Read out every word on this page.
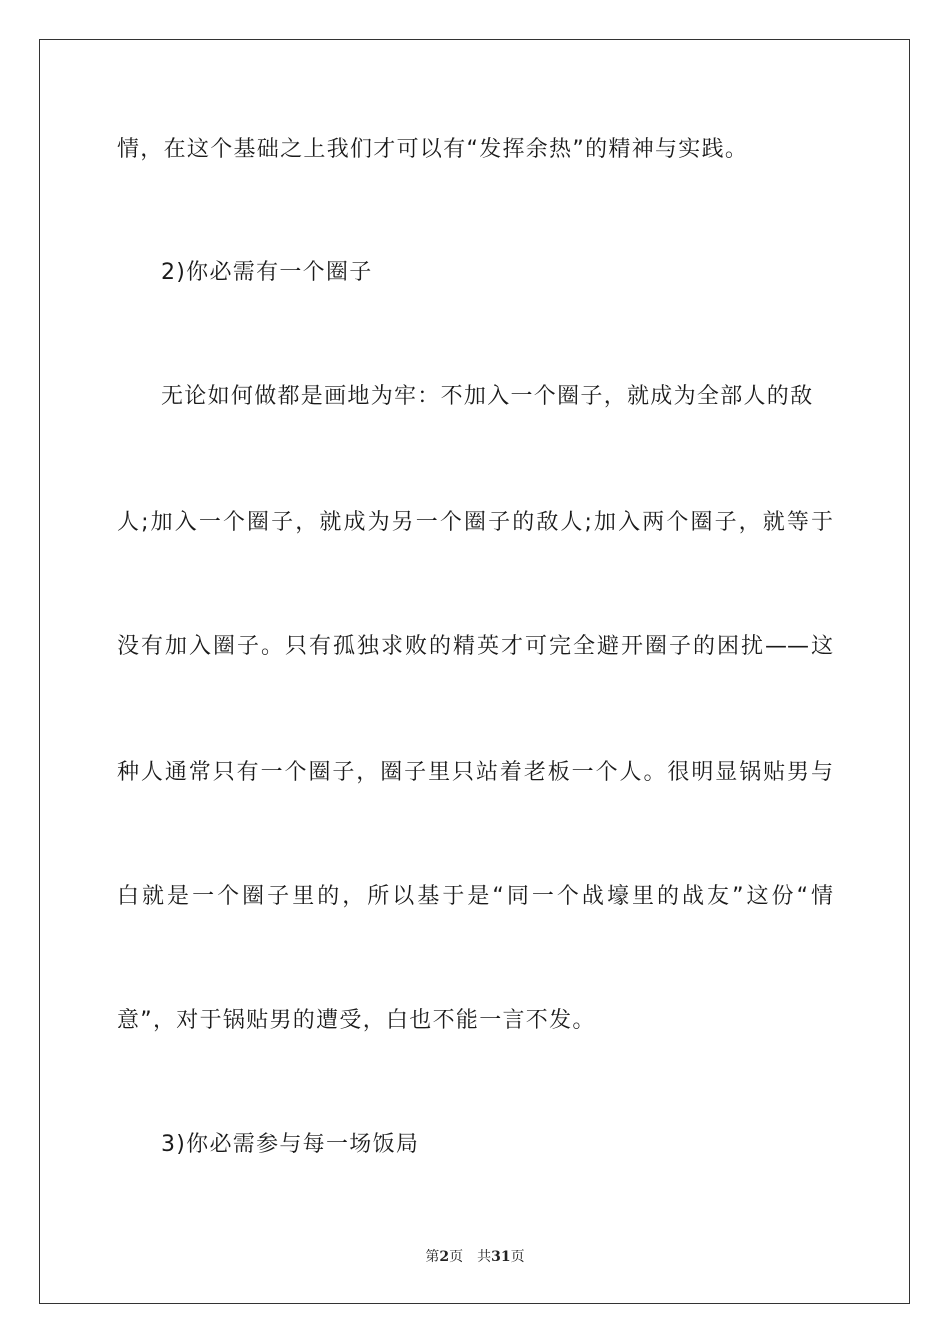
情，在这个基础之上我们才可以有“发挥余热”的精神与实践。
2)你必需有一个圈子
无论如何做都是画地为牢：不加入一个圈子，就成为全部人的敌
人;加入一个圈子，就成为另一个圈子的敌人;加入两个圈子，就等于
没有加入圈子。只有孤独求败的精英才可完全避开圈子的困扰——这
种人通常只有一个圈子，圈子里只站着老板一个人。很明显锅贴男与
白就是一个圈子里的，所以基于是“同一个战壕里的战友”这份“情
意”，对于锅贴男的遭受，白也不能一言不发。
3)你必需参与每一场饭局
第2页 共31页
